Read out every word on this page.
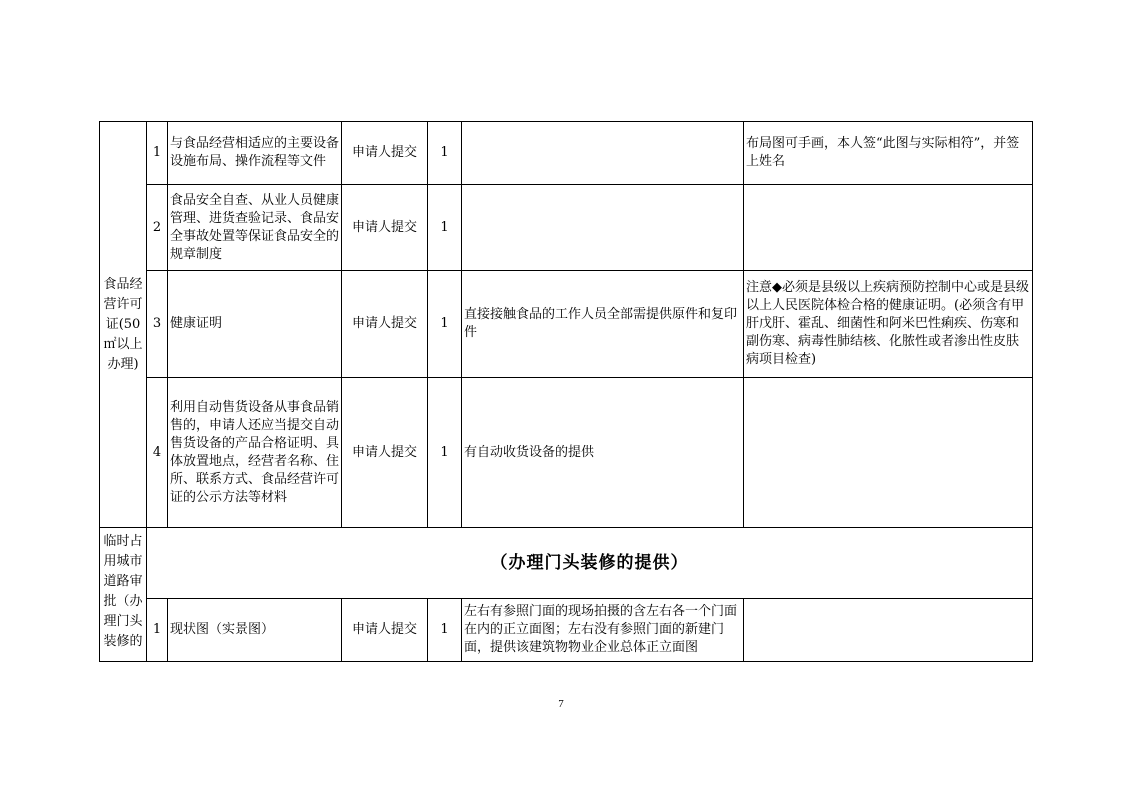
食品经营许可证(50㎡以上办理)	1	与食品经营相适应的主要设备设施布局、操作流程等文件	申请人提交	1		布局图可手画，本人签“此图与实际相符”，并签上姓名
	2	食品安全自查、从业人员健康管理、进货查验记录、食品安全事故处置等保证食品安全的规章制度	申请人提交	1		
	3	健康证明	申请人提交	1	直接接触食品的工作人员全部需提供原件和复印件	注意◆必须是县级以上疾病预防控制中心或是县级以上人民医院体检合格的健康证明。(必须含有甲肝戊肝、霍乱、细菌性和阿米巴性痢疾、伤寒和副伤寒、病毒性肺结核、化脓性或者渗出性皮肤病项目检查)
	4	利用自动售货设备从事食品销售的，申请人还应当提交自动售货设备的产品合格证明、具体放置地点，经营者名称、住所、联系方式、食品经营许可证的公示方法等材料	申请人提交	1	有自动收货设备的提供	
临时占用城市道路审批（办理门头装修的	（办理门头装修的提供）					
	1	现状图（实景图）	申请人提交	1	左右有参照门面的现场拍摄的含左右各一个门面在内的正立面图；左右没有参照门面的新建门面，提供该建筑物物业企业总体正立面图	
7
